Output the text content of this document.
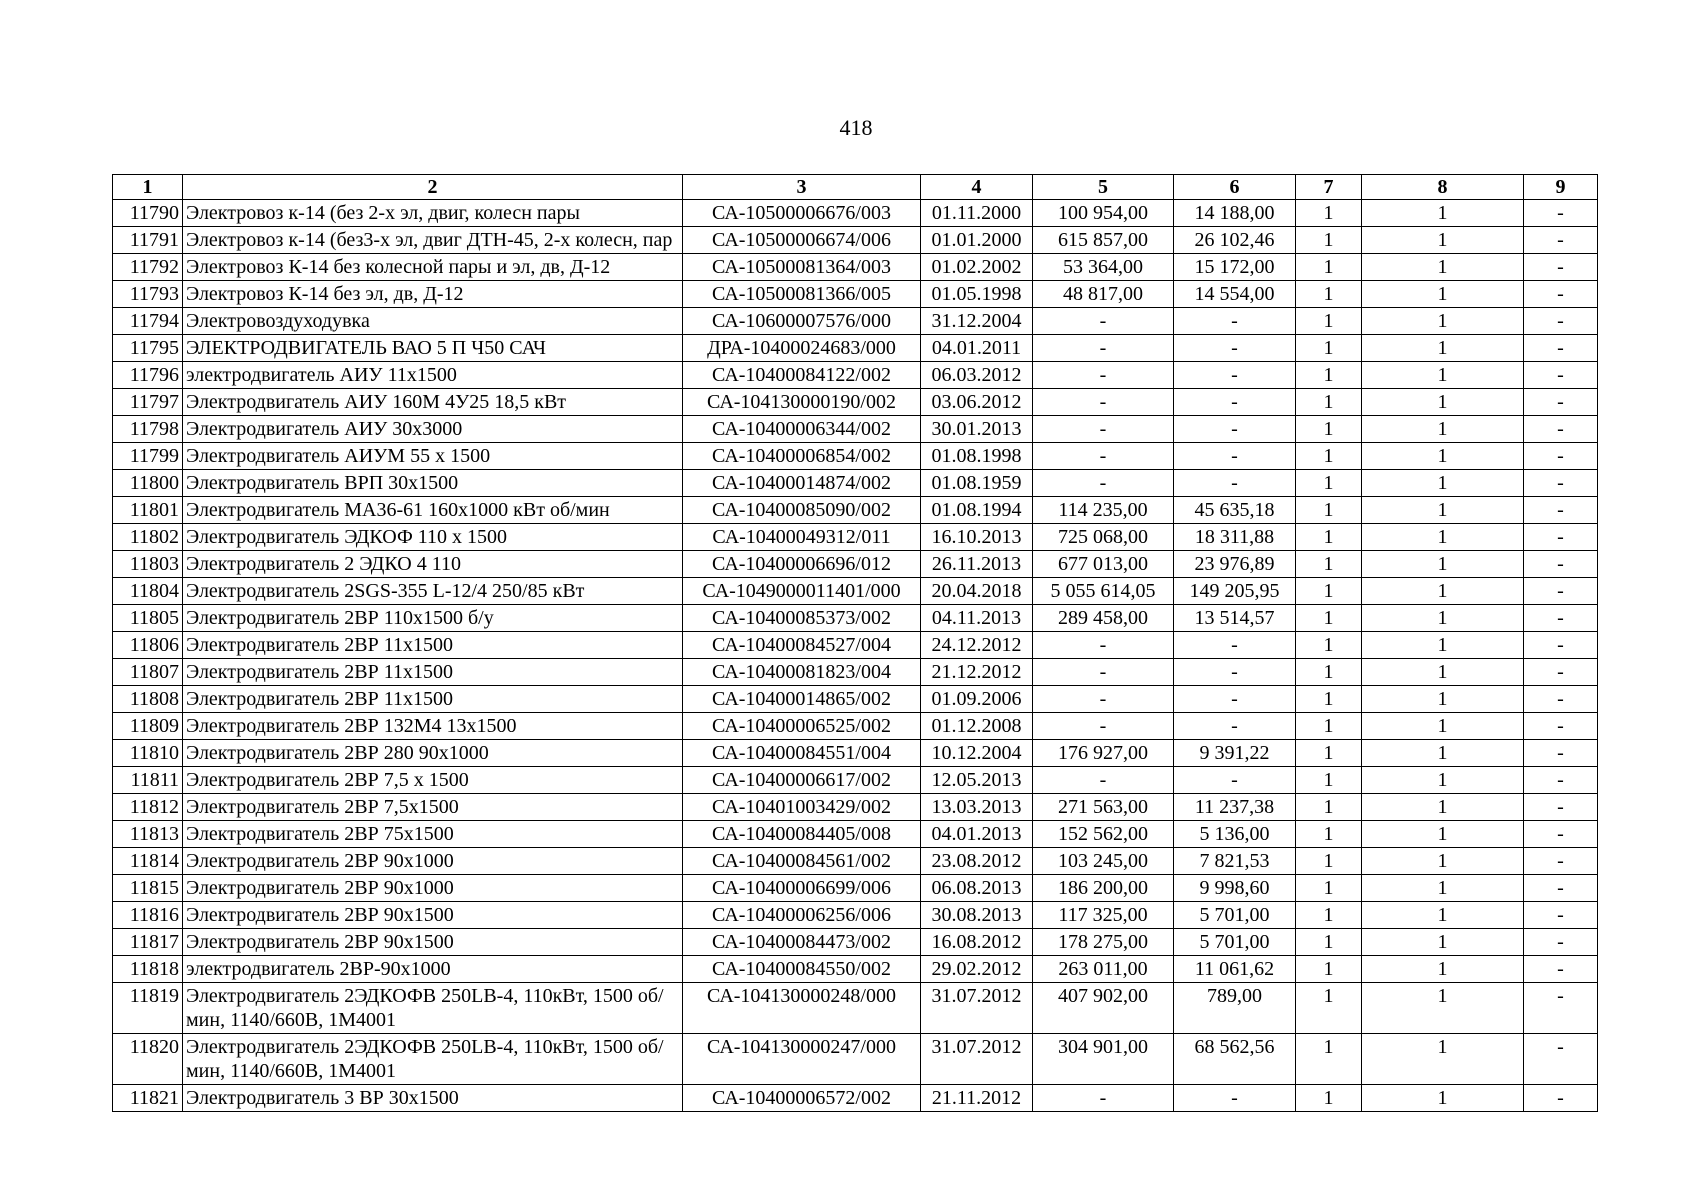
418
1	2	3	4	5	6	7	8	9
11790	Электровоз к-14 (без 2-х эл, двиг, колесн пары	СА-10500006676/003	01.11.2000	100 954,00	14 188,00	1	1	-
11791	Электровоз к-14 (без3-х эл, двиг ДТН-45, 2-х колесн, пар	СА-10500006674/006	01.01.2000	615 857,00	26 102,46	1	1	-
11792	Электровоз К-14 без колесной пары и эл, дв, Д-12	СА-10500081364/003	01.02.2002	53 364,00	15 172,00	1	1	-
11793	Электровоз К-14 без эл, дв, Д-12	СА-10500081366/005	01.05.1998	48 817,00	14 554,00	1	1	-
11794	Электровоздуходувка	СА-10600007576/000	31.12.2004	-	-	1	1	-
11795	ЭЛЕКТРОДВИГАТЕЛЬ ВАО 5 П Ч50 САЧ	ДРА-10400024683/000	04.01.2011	-	-	1	1	-
11796	электродвигатель АИУ 11х1500	СА-10400084122/002	06.03.2012	-	-	1	1	-
11797	Электродвигатель АИУ 160М 4У25 18,5 кВт	СА-104130000190/002	03.06.2012	-	-	1	1	-
11798	Электродвигатель АИУ 30х3000	СА-10400006344/002	30.01.2013	-	-	1	1	-
11799	Электродвигатель АИУМ 55 х 1500	СА-10400006854/002	01.08.1998	-	-	1	1	-
11800	Электродвигатель ВРП 30х1500	СА-10400014874/002	01.08.1959	-	-	1	1	-
11801	Электродвигатель МА36-61 160х1000 кВт об/мин	СА-10400085090/002	01.08.1994	114 235,00	45 635,18	1	1	-
11802	Электродвигатель ЭДКОФ 110 х 1500	СА-10400049312/011	16.10.2013	725 068,00	18 311,88	1	1	-
11803	Электродвигатель 2 ЭДКО 4 110	СА-10400006696/012	26.11.2013	677 013,00	23 976,89	1	1	-
11804	Электродвигатель 2SGS-355 L-12/4 250/85 кВт	СА-1049000011401/000	20.04.2018	5 055 614,05	149 205,95	1	1	-
11805	Электродвигатель 2ВР 110х1500 б/у	СА-10400085373/002	04.11.2013	289 458,00	13 514,57	1	1	-
11806	Электродвигатель 2ВР 11х1500	СА-10400084527/004	24.12.2012	-	-	1	1	-
11807	Электродвигатель 2ВР 11х1500	СА-10400081823/004	21.12.2012	-	-	1	1	-
11808	Электродвигатель 2ВР 11х1500	СА-10400014865/002	01.09.2006	-	-	1	1	-
11809	Электродвигатель 2ВР 132М4 13х1500	СА-10400006525/002	01.12.2008	-	-	1	1	-
11810	Электродвигатель 2ВР 280 90х1000	СА-10400084551/004	10.12.2004	176 927,00	9 391,22	1	1	-
11811	Электродвигатель 2ВР 7,5 х 1500	СА-10400006617/002	12.05.2013	-	-	1	1	-
11812	Электродвигатель 2ВР 7,5х1500	СА-10401003429/002	13.03.2013	271 563,00	11 237,38	1	1	-
11813	Электродвигатель 2ВР 75х1500	СА-10400084405/008	04.01.2013	152 562,00	5 136,00	1	1	-
11814	Электродвигатель 2ВР 90х1000	СА-10400084561/002	23.08.2012	103 245,00	7 821,53	1	1	-
11815	Электродвигатель 2ВР 90х1000	СА-10400006699/006	06.08.2013	186 200,00	9 998,60	1	1	-
11816	Электродвигатель 2ВР 90х1500	СА-10400006256/006	30.08.2013	117 325,00	5 701,00	1	1	-
11817	Электродвигатель 2ВР 90х1500	СА-10400084473/002	16.08.2012	178 275,00	5 701,00	1	1	-
11818	электродвигатель 2ВР-90х1000	СА-10400084550/002	29.02.2012	263 011,00	11 061,62	1	1	-
11819	Электродвигатель 2ЭДКОФВ 250LB-4, 110кВт, 1500 об/мин, 1140/660В, 1М4001	СА-104130000248/000	31.07.2012	407 902,00	789,00	1	1	-
11820	Электродвигатель 2ЭДКОФВ 250LB-4, 110кВт, 1500 об/мин, 1140/660В, 1М4001	СА-104130000247/000	31.07.2012	304 901,00	68 562,56	1	1	-
11821	Электродвигатель 3 ВР 30х1500	СА-10400006572/002	21.11.2012	-	-	1	1	-
